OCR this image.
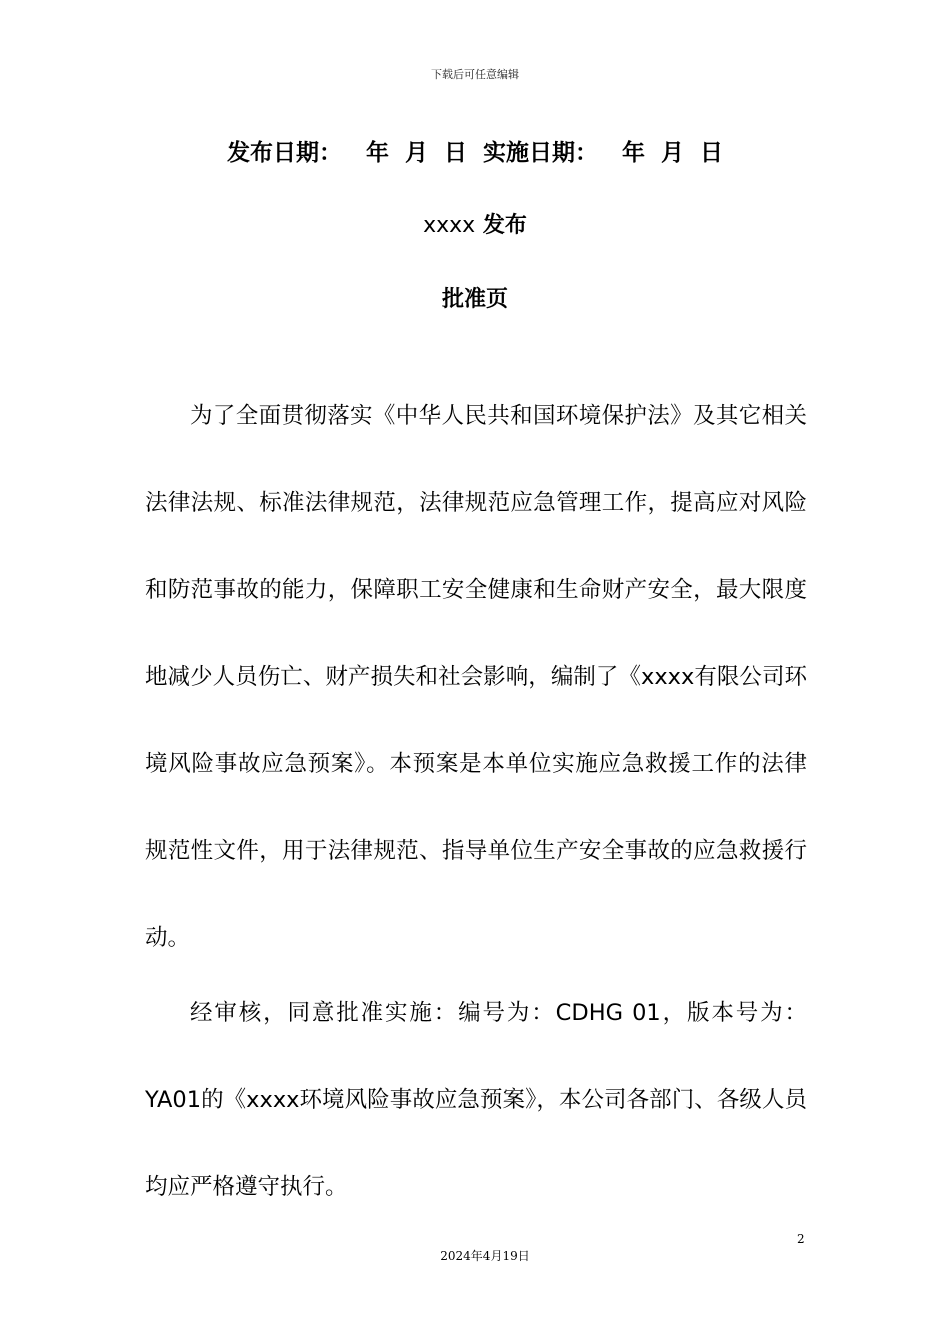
下载后可任意编辑
发布日期：   年  月  日  实施日期：   年  月  日
xxxx 发布
批准页

为了全面贯彻落实《中华人民共和国环境保护法》及其它相关法律法规、标准法律规范，法律规范应急管理工作，提高应对风险和防范事故的能力，保障职工安全健康和生命财产安全，最大限度地减少人员伤亡、财产损失和社会影响，编制了《xxxx有限公司环境风险事故应急预案》。本预案是本单位实施应急救援工作的法律规范性文件，用于法律规范、指导单位生产安全事故的应急救援行动。

经审核，同意批准实施：编号为：CDHG 01，版本号为：YA01的《xxxx环境风险事故应急预案》，本公司各部门、各级人员均应严格遵守执行。

2
2024年4月19日
